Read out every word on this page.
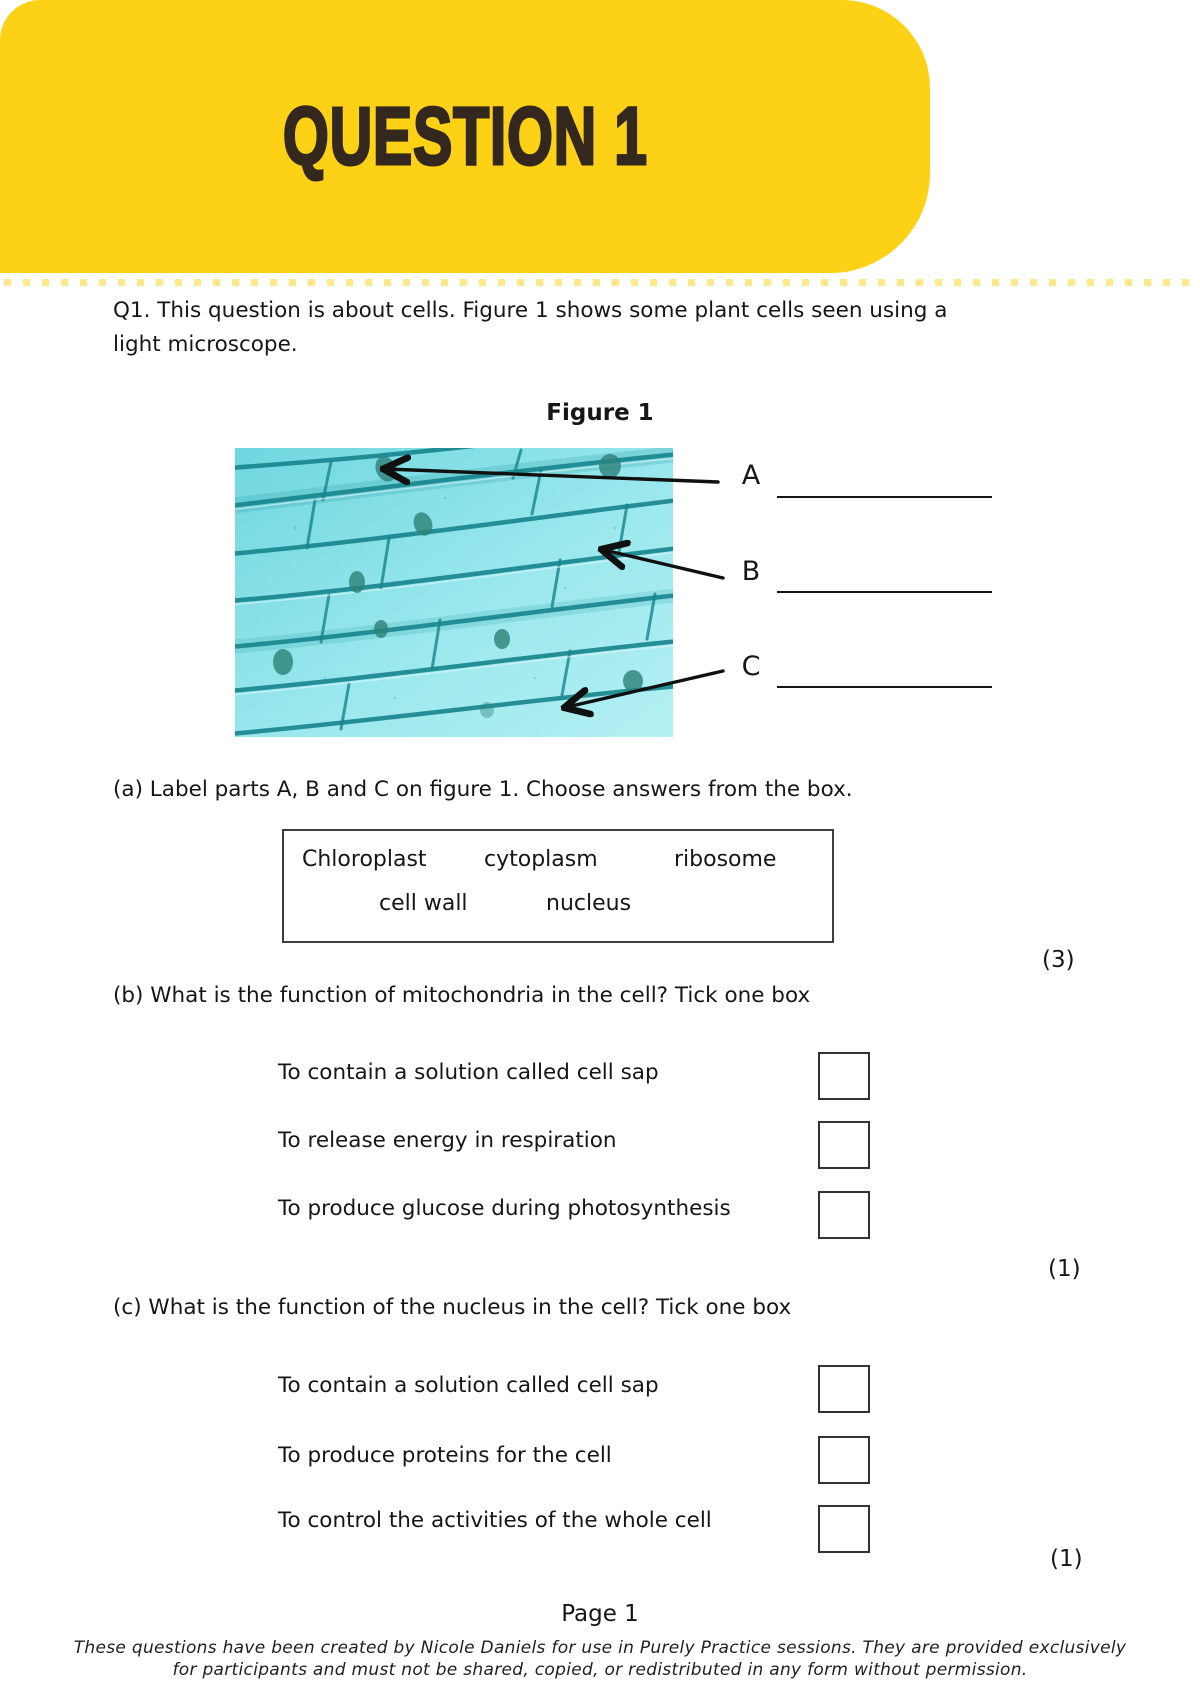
QUESTION 1
Q1. This question is about cells. Figure 1 shows some plant cells seen using a light microscope.
Figure 1
A
B
C
(a) Label parts A, B and C on figure 1. Choose answers from the box.
Chloroplast	cytoplasm	ribosome
cell wall	nucleus
(3)
(b) What is the function of mitochondria in the cell? Tick one box
To contain a solution called cell sap
To release energy in respiration
To produce glucose during photosynthesis
(1)
(c) What is the function of the nucleus in the cell? Tick one box
To contain a solution called cell sap
To produce proteins for the cell
To control the activities of the whole cell
(1)
Page 1
These questions have been created by Nicole Daniels for use in Purely Practice sessions. They are provided exclusively
for participants and must not be shared, copied, or redistributed in any form without permission.
